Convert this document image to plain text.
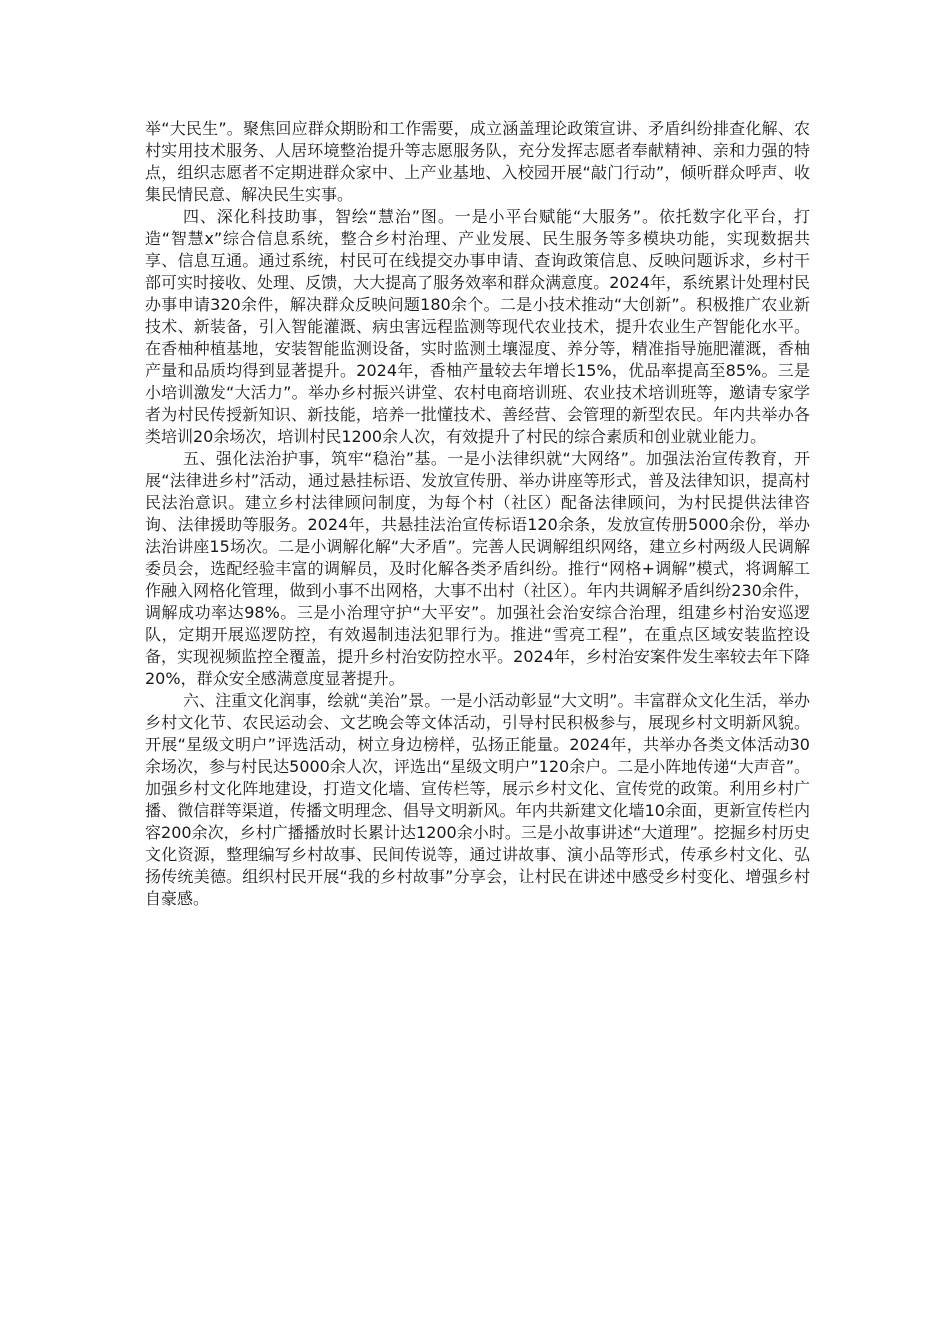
举“大民生”。聚焦回应群众期盼和工作需要，成立涵盖理论政策宣讲、矛盾纠纷排查化解、农村实用技术服务、人居环境整治提升等志愿服务队，充分发挥志愿者奉献精神、亲和力强的特点，组织志愿者不定期进群众家中、上产业基地、入校园开展“敲门行动”，倾听群众呼声、收集民情民意、解决民生实事。

四、深化科技助事，智绘“慧治”图。一是小平台赋能“大服务”。依托数字化平台，打造“智慧x”综合信息系统，整合乡村治理、产业发展、民生服务等多模块功能，实现数据共享、信息互通。通过系统，村民可在线提交办事申请、查询政策信息、反映问题诉求，乡村干部可实时接收、处理、反馈，大大提高了服务效率和群众满意度。2024年，系统累计处理村民办事申请320余件，解决群众反映问题180余个。二是小技术推动“大创新”。积极推广农业新技术、新装备，引入智能灌溉、病虫害远程监测等现代农业技术，提升农业生产智能化水平。在香柚种植基地，安装智能监测设备，实时监测土壤湿度、养分等，精准指导施肥灌溉，香柚产量和品质均得到显著提升。2024年，香柚产量较去年增长15%，优品率提高至85%。三是小培训激发“大活力”。举办乡村振兴讲堂、农村电商培训班、农业技术培训班等，邀请专家学者为村民传授新知识、新技能，培养一批懂技术、善经营、会管理的新型农民。年内共举办各类培训20余场次，培训村民1200余人次，有效提升了村民的综合素质和创业就业能力。

五、强化法治护事，筑牢“稳治”基。一是小法律织就“大网络”。加强法治宣传教育，开展“法律进乡村”活动，通过悬挂标语、发放宣传册、举办讲座等形式，普及法律知识，提高村民法治意识。建立乡村法律顾问制度，为每个村（社区）配备法律顾问，为村民提供法律咨询、法律援助等服务。2024年，共悬挂法治宣传标语120余条，发放宣传册5000余份，举办法治讲座15场次。二是小调解化解“大矛盾”。完善人民调解组织网络，建立乡村两级人民调解委员会，选配经验丰富的调解员，及时化解各类矛盾纠纷。推行“网格+调解”模式，将调解工作融入网格化管理，做到小事不出网格，大事不出村（社区）。年内共调解矛盾纠纷230余件，调解成功率达98%。三是小治理守护“大平安”。加强社会治安综合治理，组建乡村治安巡逻队，定期开展巡逻防控，有效遏制违法犯罪行为。推进“雪亮工程”，在重点区域安装监控设备，实现视频监控全覆盖，提升乡村治安防控水平。2024年，乡村治安案件发生率较去年下降20%，群众安全感满意度显著提升。

六、注重文化润事，绘就“美治”景。一是小活动彰显“大文明”。丰富群众文化生活，举办乡村文化节、农民运动会、文艺晚会等文体活动，引导村民积极参与，展现乡村文明新风貌。开展“星级文明户”评选活动，树立身边榜样，弘扬正能量。2024年，共举办各类文体活动30余场次，参与村民达5000余人次，评选出“星级文明户”120余户。二是小阵地传递“大声音”。加强乡村文化阵地建设，打造文化墙、宣传栏等，展示乡村文化、宣传党的政策。利用乡村广播、微信群等渠道，传播文明理念、倡导文明新风。年内共新建文化墙10余面，更新宣传栏内容200余次，乡村广播播放时长累计达1200余小时。三是小故事讲述“大道理”。挖掘乡村历史文化资源，整理编写乡村故事、民间传说等，通过讲故事、演小品等形式，传承乡村文化、弘扬传统美德。组织村民开展“我的乡村故事”分享会，让村民在讲述中感受乡村变化、增强乡村自豪感。
